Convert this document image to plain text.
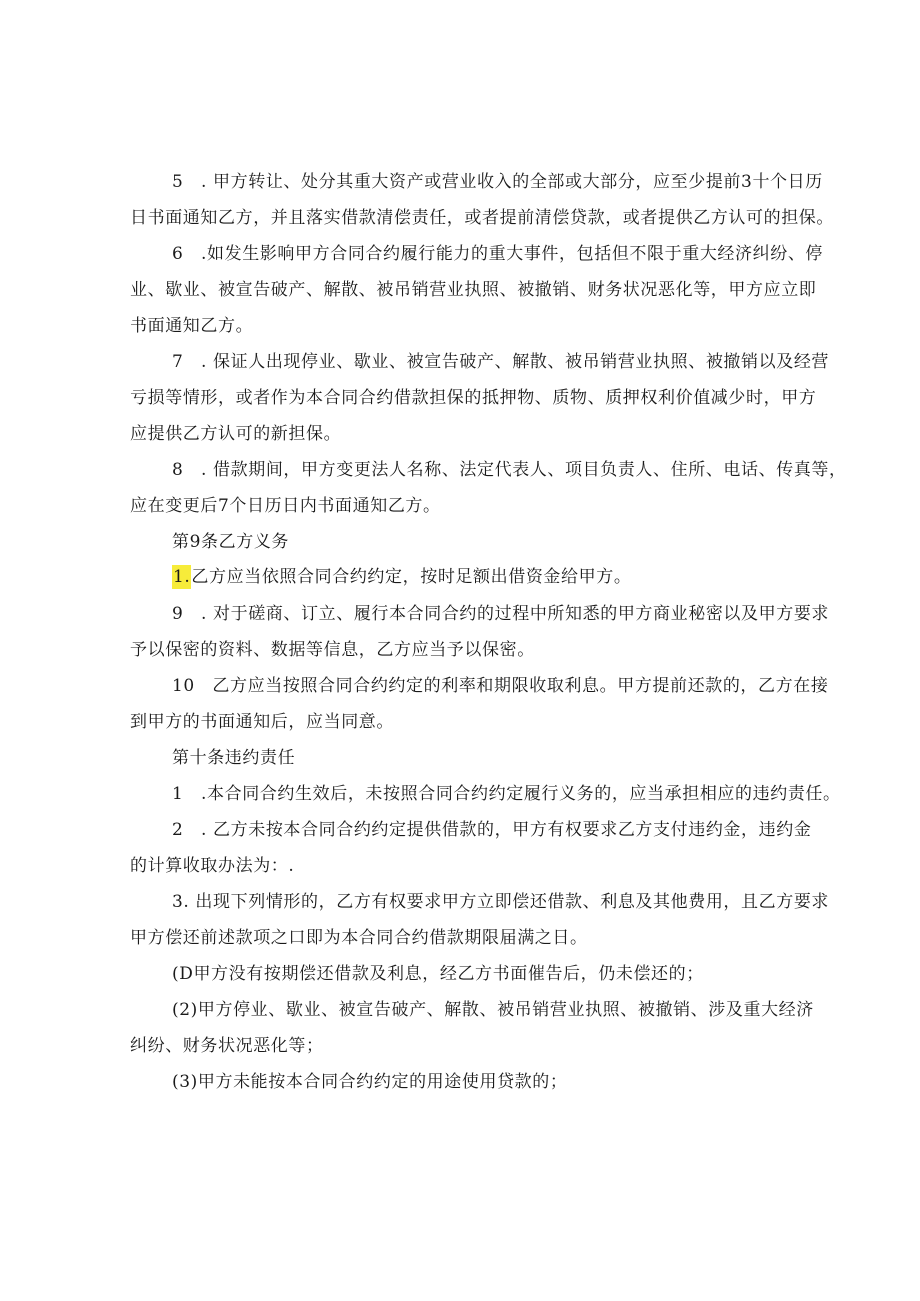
5　. 甲方转让、处分其重大资产或营业收入的全部或大部分，应至少提前3十个日历
日书面通知乙方，并且落实借款清偿责任，或者提前清偿贷款，或者提供乙方认可的担保。
6　.如发生影响甲方合同合约履行能力的重大事件，包括但不限于重大经济纠纷、停
业、歇业、被宣告破产、解散、被吊销营业执照、被撤销、财务状况恶化等，甲方应立即
书面通知乙方。
7　. 保证人出现停业、歇业、被宣告破产、解散、被吊销营业执照、被撤销以及经营
亏损等情形，或者作为本合同合约借款担保的抵押物、质物、质押权利价值减少时，甲方
应提供乙方认可的新担保。
8　. 借款期间，甲方变更法人名称、法定代表人、项目负责人、住所、电话、传真等，
应在变更后7个日历日内书面通知乙方。
第9条乙方义务
1.乙方应当依照合同合约约定，按时足额出借资金给甲方。
9　. 对于磋商、订立、履行本合同合约的过程中所知悉的甲方商业秘密以及甲方要求
予以保密的资料、数据等信息，乙方应当予以保密。
10　乙方应当按照合同合约约定的利率和期限收取利息。甲方提前还款的，乙方在接
到甲方的书面通知后，应当同意。
第十条违约责任
1　.本合同合约生效后，未按照合同合约约定履行义务的，应当承担相应的违约责任。
2　. 乙方未按本合同合约约定提供借款的，甲方有权要求乙方支付违约金，违约金
的计算收取办法为：.
3. 出现下列情形的，乙方有权要求甲方立即偿还借款、利息及其他费用，且乙方要求
甲方偿还前述款项之口即为本合同合约借款期限届满之日。
(D甲方没有按期偿还借款及利息，经乙方书面催告后，仍未偿还的；
(2)甲方停业、歇业、被宣告破产、解散、被吊销营业执照、被撤销、涉及重大经济
纠纷、财务状况恶化等；
(3)甲方未能按本合同合约约定的用途使用贷款的；
